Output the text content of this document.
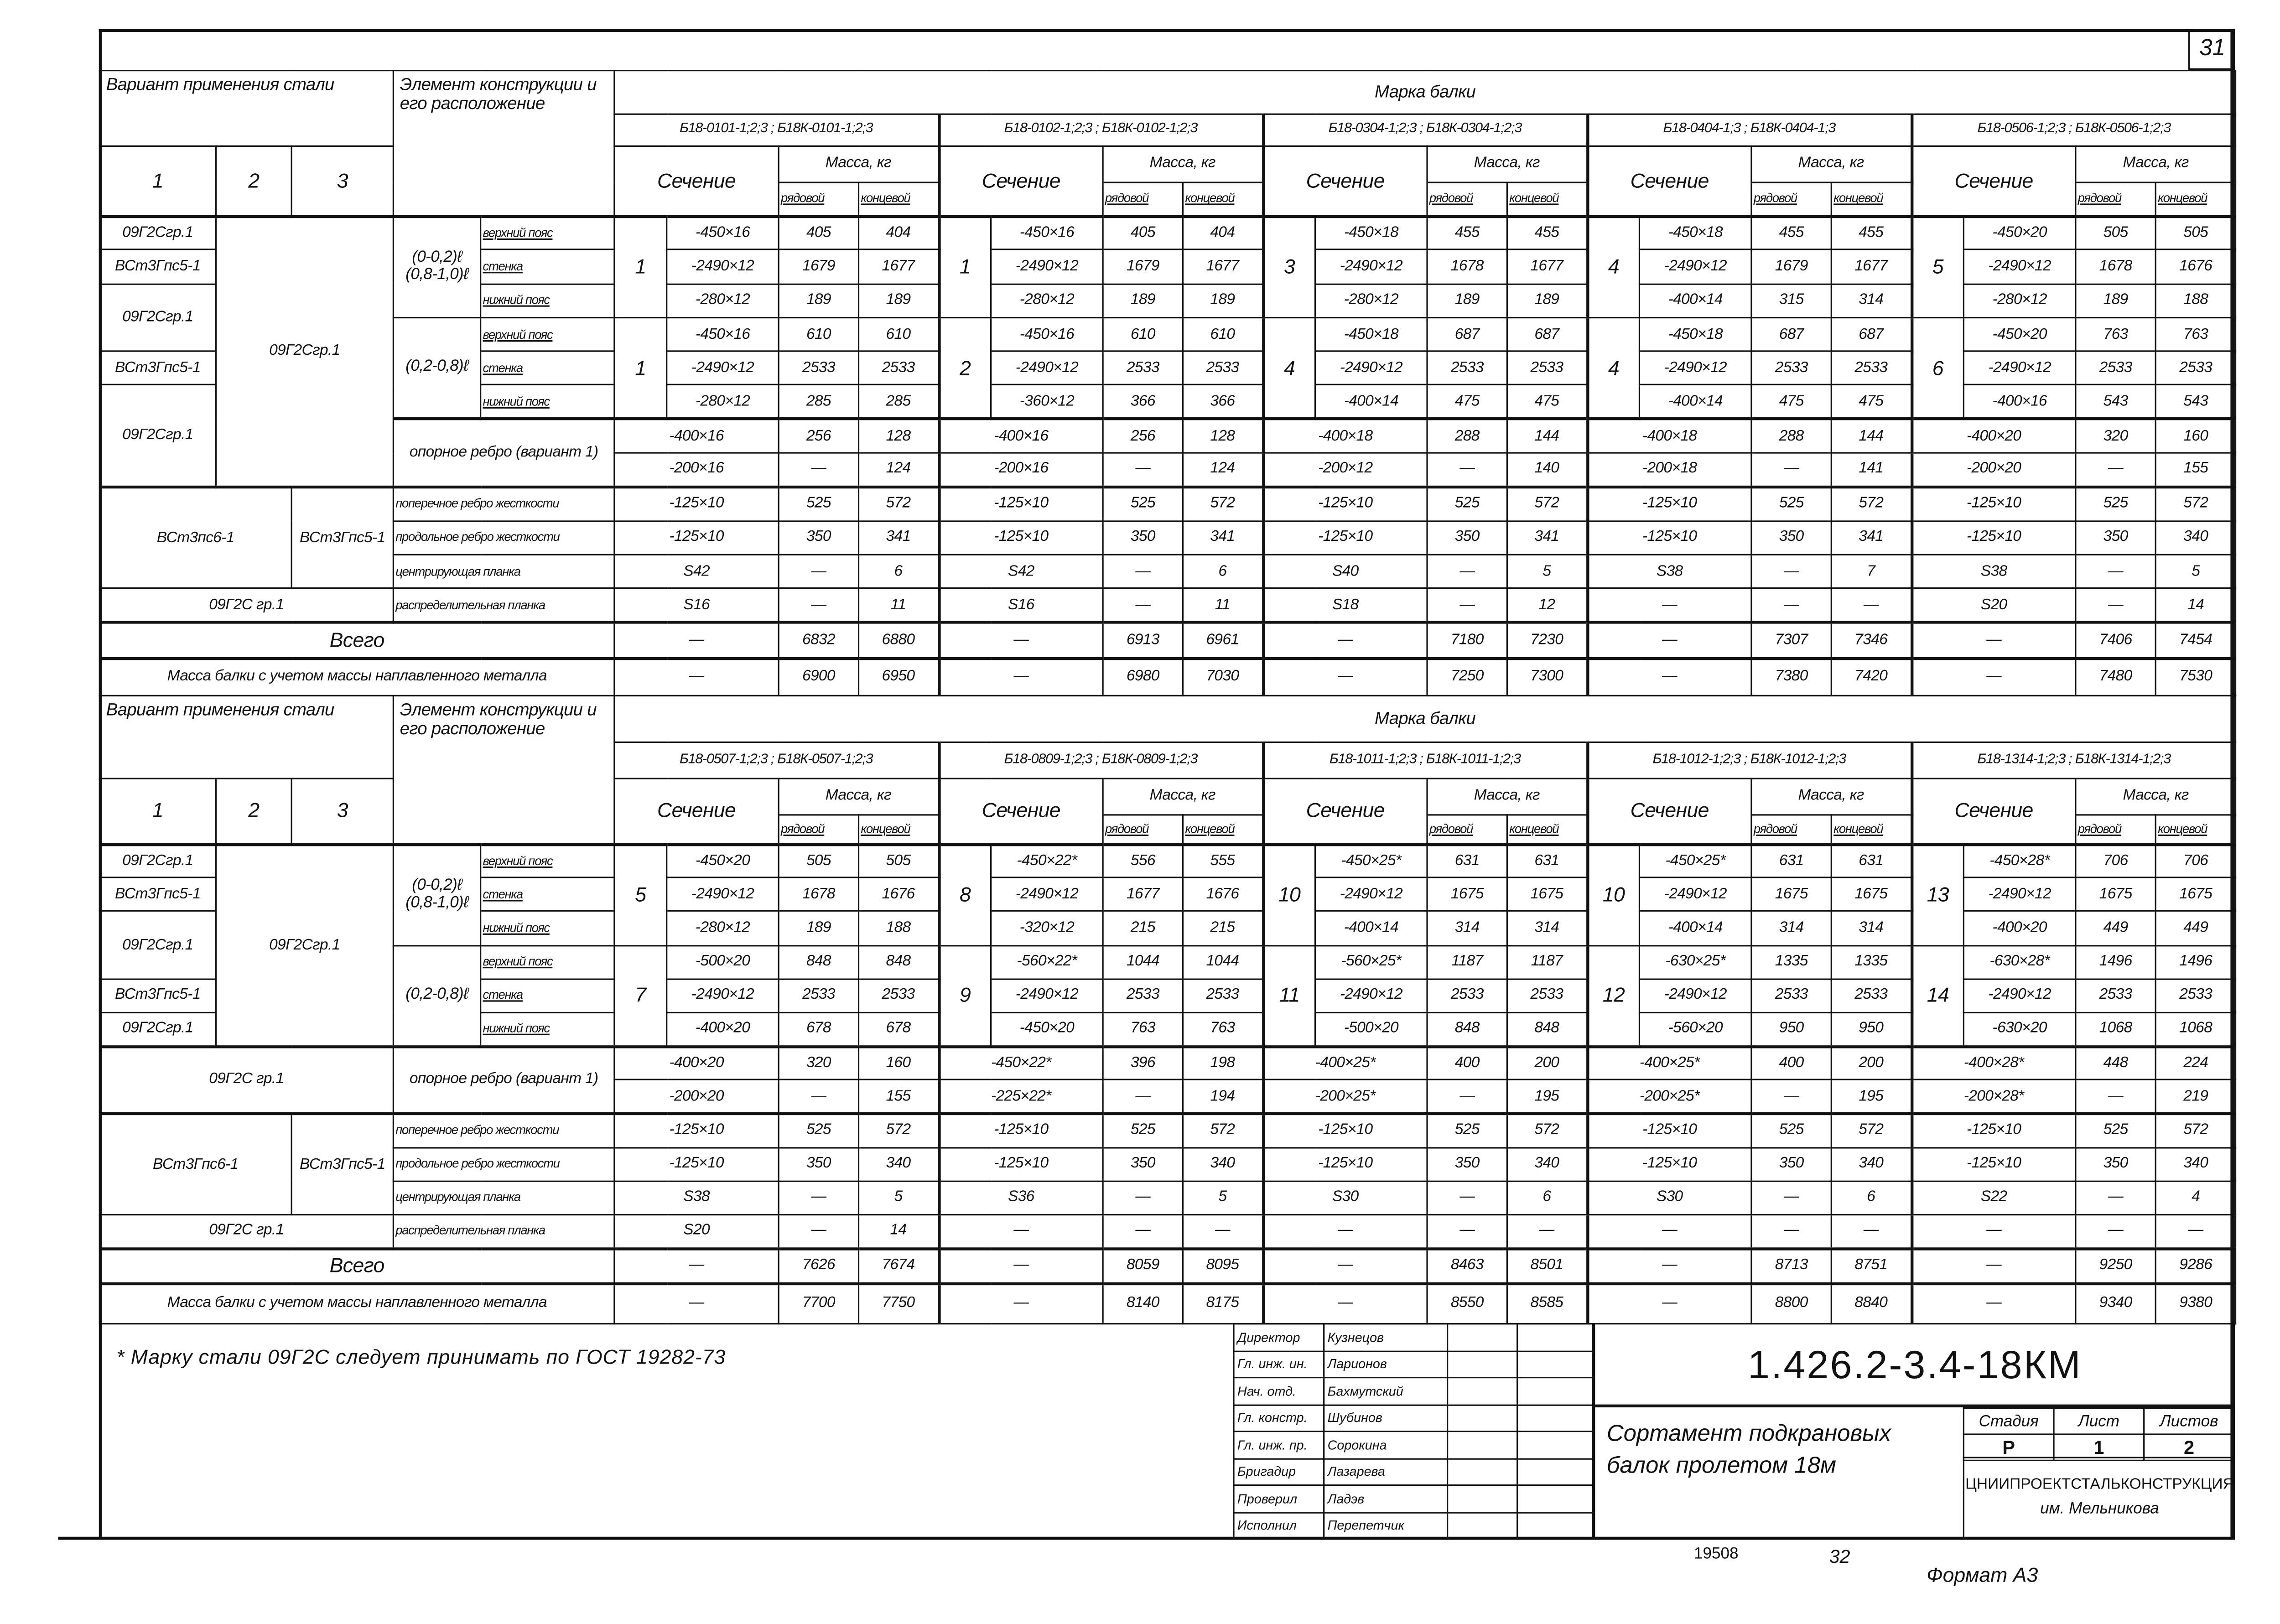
31
Вариант применения стали			Элемент конструкции и его расположение		Марка балки																			
					Б18-0101-1;2;3 ; Б18К-0101-1;2;3				Б18-0102-1;2;3 ; Б18К-0102-1;2;3				Б18-0304-1;2;3 ; Б18К-0304-1;2;3				Б18-0404-1;3 ; Б18К-0404-1;3				Б18-0506-1;2;3 ; Б18К-0506-1;2;3			
1	2	3			Сечение		Масса, кг		Сечение		Масса, кг		Сечение		Масса, кг		Сечение		Масса, кг		Сечение		Масса, кг	
							рядовой	концевой			рядовой	концевой			рядовой	концевой			рядовой	концевой			рядовой	концевой
09Г2Сгр.1	09Г2Сгр.1		(0-0,2)ℓ (0,8-1,0)ℓ	верхний пояс	1	-450×16	405	404	1	-450×16	405	404	3	-450×18	455	455	4	-450×18	455	455	5	-450×20	505	505
ВСт3Гпс5-1				стенка		-2490×12	1679	1677		-2490×12	1679	1677		-2490×12	1678	1677		-2490×12	1679	1677		-2490×12	1678	1676
09Г2Сгр.1				нижний пояс		-280×12	189	189		-280×12	189	189		-280×12	189	189		-400×14	315	314		-280×12	189	188
			(0,2-0,8)ℓ	верхний пояс	1	-450×16	610	610	2	-450×16	610	610	4	-450×18	687	687	4	-450×18	687	687	6	-450×20	763	763
ВСт3Гпс5-1				стенка		-2490×12	2533	2533		-2490×12	2533	2533		-2490×12	2533	2533		-2490×12	2533	2533		-2490×12	2533	2533
09Г2Сгр.1				нижний пояс		-280×12	285	285		-360×12	366	366		-400×14	475	475		-400×14	475	475		-400×16	543	543
			опорное ребро (вариант 1)		-400×16		256	128	-400×16		256	128	-400×18		288	144	-400×18		288	144	-400×20		320	160
					-200×16		—	124	-200×16		—	124	-200×12		—	140	-200×18		—	141	-200×20		—	155
ВСт3пс6-1		ВСт3Гпс5-1	поперечное ребро жесткости		-125×10		525	572	-125×10		525	572	-125×10		525	572	-125×10		525	572	-125×10		525	572
			продольное ребро жесткости		-125×10		350	341	-125×10		350	341	-125×10		350	341	-125×10		350	341	-125×10		350	340
			центрирующая планка		S42		—	6	S42		—	6	S40		—	5	S38		—	7	S38		—	5
09Г2С гр.1			распределительная планка		S16		—	11	S16		—	11	S18		—	12	—		—	—	S20		—	14
Всего					—		6832	6880	—		6913	6961	—		7180	7230	—		7307	7346	—		7406	7454
Масса балки с учетом массы наплавленного металла					—		6900	6950	—		6980	7030	—		7250	7300	—		7380	7420	—		7480	7530
Вариант применения стали			Элемент конструкции и его расположение		Марка балки																			
					Б18-0507-1;2;3 ; Б18К-0507-1;2;3				Б18-0809-1;2;3 ; Б18К-0809-1;2;3				Б18-1011-1;2;3 ; Б18К-1011-1;2;3				Б18-1012-1;2;3 ; Б18К-1012-1;2;3				Б18-1314-1;2;3 ; Б18К-1314-1;2;3			
1	2	3			Сечение		Масса, кг		Сечение		Масса, кг		Сечение		Масса, кг		Сечение		Масса, кг		Сечение		Масса, кг	
							рядовой	концевой			рядовой	концевой			рядовой	концевой			рядовой	концевой			рядовой	концевой
09Г2Сгр.1	09Г2Сгр.1		(0-0,2)ℓ (0,8-1,0)ℓ	верхний пояс	5	-450×20	505	505	8	-450×22*	556	555	10	-450×25*	631	631	10	-450×25*	631	631	13	-450×28*	706	706
ВСт3Гпс5-1				стенка		-2490×12	1678	1676		-2490×12	1677	1676		-2490×12	1675	1675		-2490×12	1675	1675		-2490×12	1675	1675
09Г2Сгр.1				нижний пояс		-280×12	189	188		-320×12	215	215		-400×14	314	314		-400×14	314	314		-400×20	449	449
			(0,2-0,8)ℓ	верхний пояс	7	-500×20	848	848	9	-560×22*	1044	1044	11	-560×25*	1187	1187	12	-630×25*	1335	1335	14	-630×28*	1496	1496
ВСт3Гпс5-1				стенка		-2490×12	2533	2533		-2490×12	2533	2533		-2490×12	2533	2533		-2490×12	2533	2533		-2490×12	2533	2533
09Г2Сгр.1				нижний пояс		-400×20	678	678		-450×20	763	763		-500×20	848	848		-560×20	950	950		-630×20	1068	1068
09Г2С гр.1			опорное ребро (вариант 1)		-400×20		320	160	-450×22*		396	198	-400×25*		400	200	-400×25*		400	200	-400×28*		448	224
					-200×20		—	155	-225×22*		—	194	-200×25*		—	195	-200×25*		—	195	-200×28*		—	219
ВСт3Гпс6-1		ВСт3Гпс5-1	поперечное ребро жесткости		-125×10		525	572	-125×10		525	572	-125×10		525	572	-125×10		525	572	-125×10		525	572
			продольное ребро жесткости		-125×10		350	340	-125×10		350	340	-125×10		350	340	-125×10		350	340	-125×10		350	340
			центрирующая планка		S38		—	5	S36		—	5	S30		—	6	S30		—	6	S22		—	4
09Г2С гр.1			распределительная планка		S20		—	14	—		—	—	—		—	—	—		—	—	—		—	—
Всего					—		7626	7674	—		8059	8095	—		8463	8501	—		8713	8751	—		9250	9286
Масса балки с учетом массы наплавленного металла					—		7700	7750	—		8140	8175	—		8550	8585	—		8800	8840	—		9340	9380
* Марку стали 09Г2С следует принимать по ГОСТ 19282-73
Директор	Кузнецов		
Гл. инж. ин.	Ларионов		
Нач. отд.	Бахмутский		
Гл. констр.	Шубинов		
Гл. инж. пр.	Сорокина		
Бригадир	Лазарева		
Проверил	Ладэв		
Исполнил	Перепетчик		
1.426.2-3.4-18КМ
Сортамент подкрановых балок пролетом 18м
Стадия	Лист	Листов
Р	1	2
ЦНИИПРОЕКТСТАЛЬКОНСТРУКЦИЯ
им. Мельникова
19508	32
Формат А3
